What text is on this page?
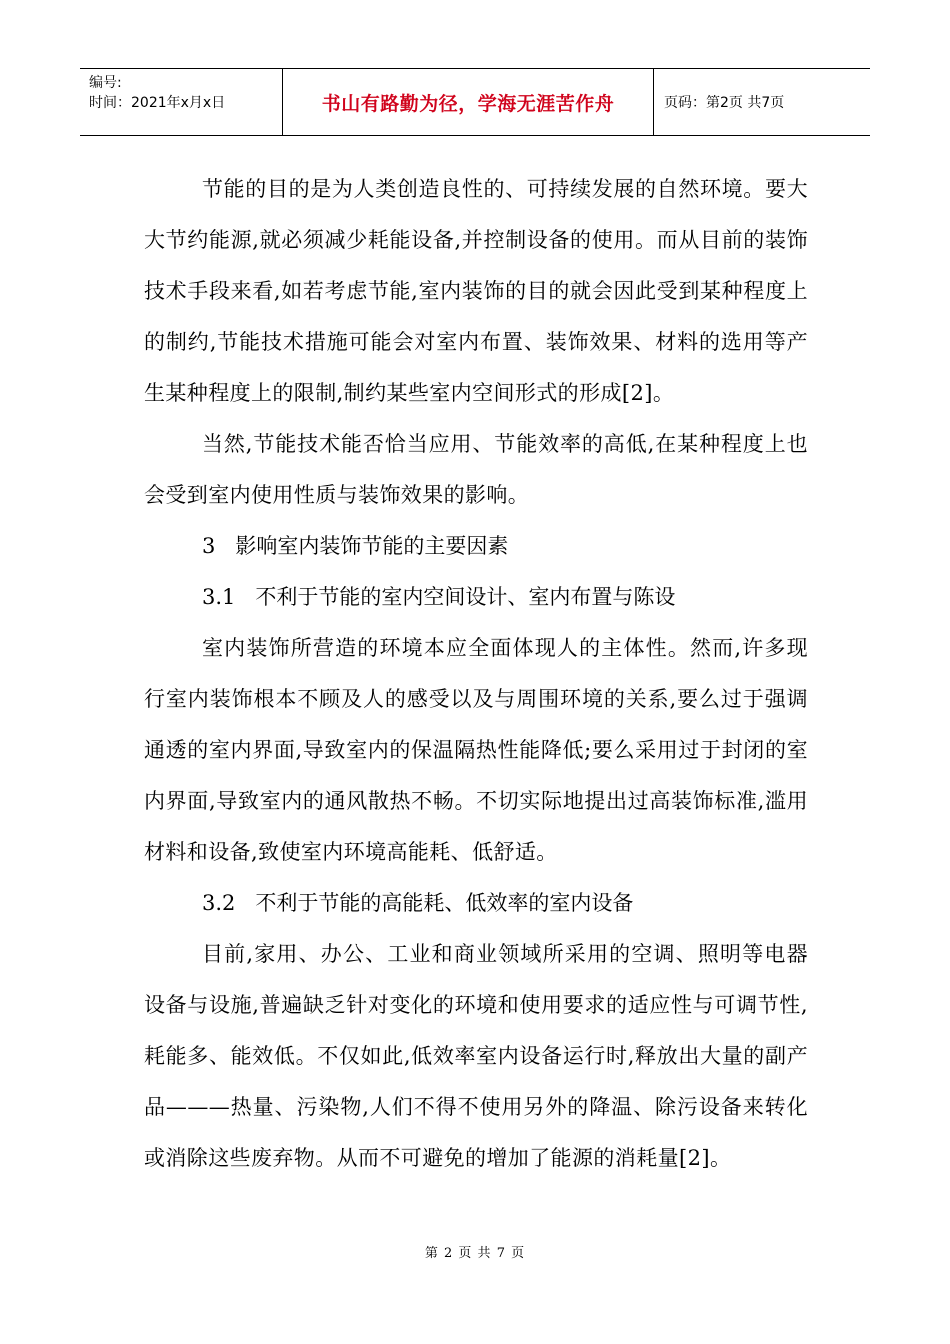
编号:
时间：2021年x月x日	书山有路勤为径，学海无涯苦作舟	页码：第2页 共7页

节能的目的是为人类创造良性的、可持续发展的自然环境。要大大节约能源,就必须减少耗能设备,并控制设备的使用。而从目前的装饰技术手段来看,如若考虑节能,室内装饰的目的就会因此受到某种程度上的制约,节能技术措施可能会对室内布置、装饰效果、材料的选用等产生某种程度上的限制,制约某些室内空间形式的形成[2]。

当然,节能技术能否恰当应用、节能效率的高低,在某种程度上也会受到室内使用性质与装饰效果的影响。

3   影响室内装饰节能的主要因素

3.1   不利于节能的室内空间设计、室内布置与陈设

室内装饰所营造的环境本应全面体现人的主体性。然而,许多现行室内装饰根本不顾及人的感受以及与周围环境的关系,要么过于强调通透的室内界面,导致室内的保温隔热性能降低;要么采用过于封闭的室内界面,导致室内的通风散热不畅。不切实际地提出过高装饰标准,滥用材料和设备,致使室内环境高能耗、低舒适。

3.2   不利于节能的高能耗、低效率的室内设备

目前,家用、办公、工业和商业领域所采用的空调、照明等电器设备与设施,普遍缺乏针对变化的环境和使用要求的适应性与可调节性,耗能多、能效低。不仅如此,低效率室内设备运行时,释放出大量的副产品———热量、污染物,人们不得不使用另外的降温、除污设备来转化或消除这些废弃物。从而不可避免的增加了能源的消耗量[2]。

第 2 页 共 7 页
